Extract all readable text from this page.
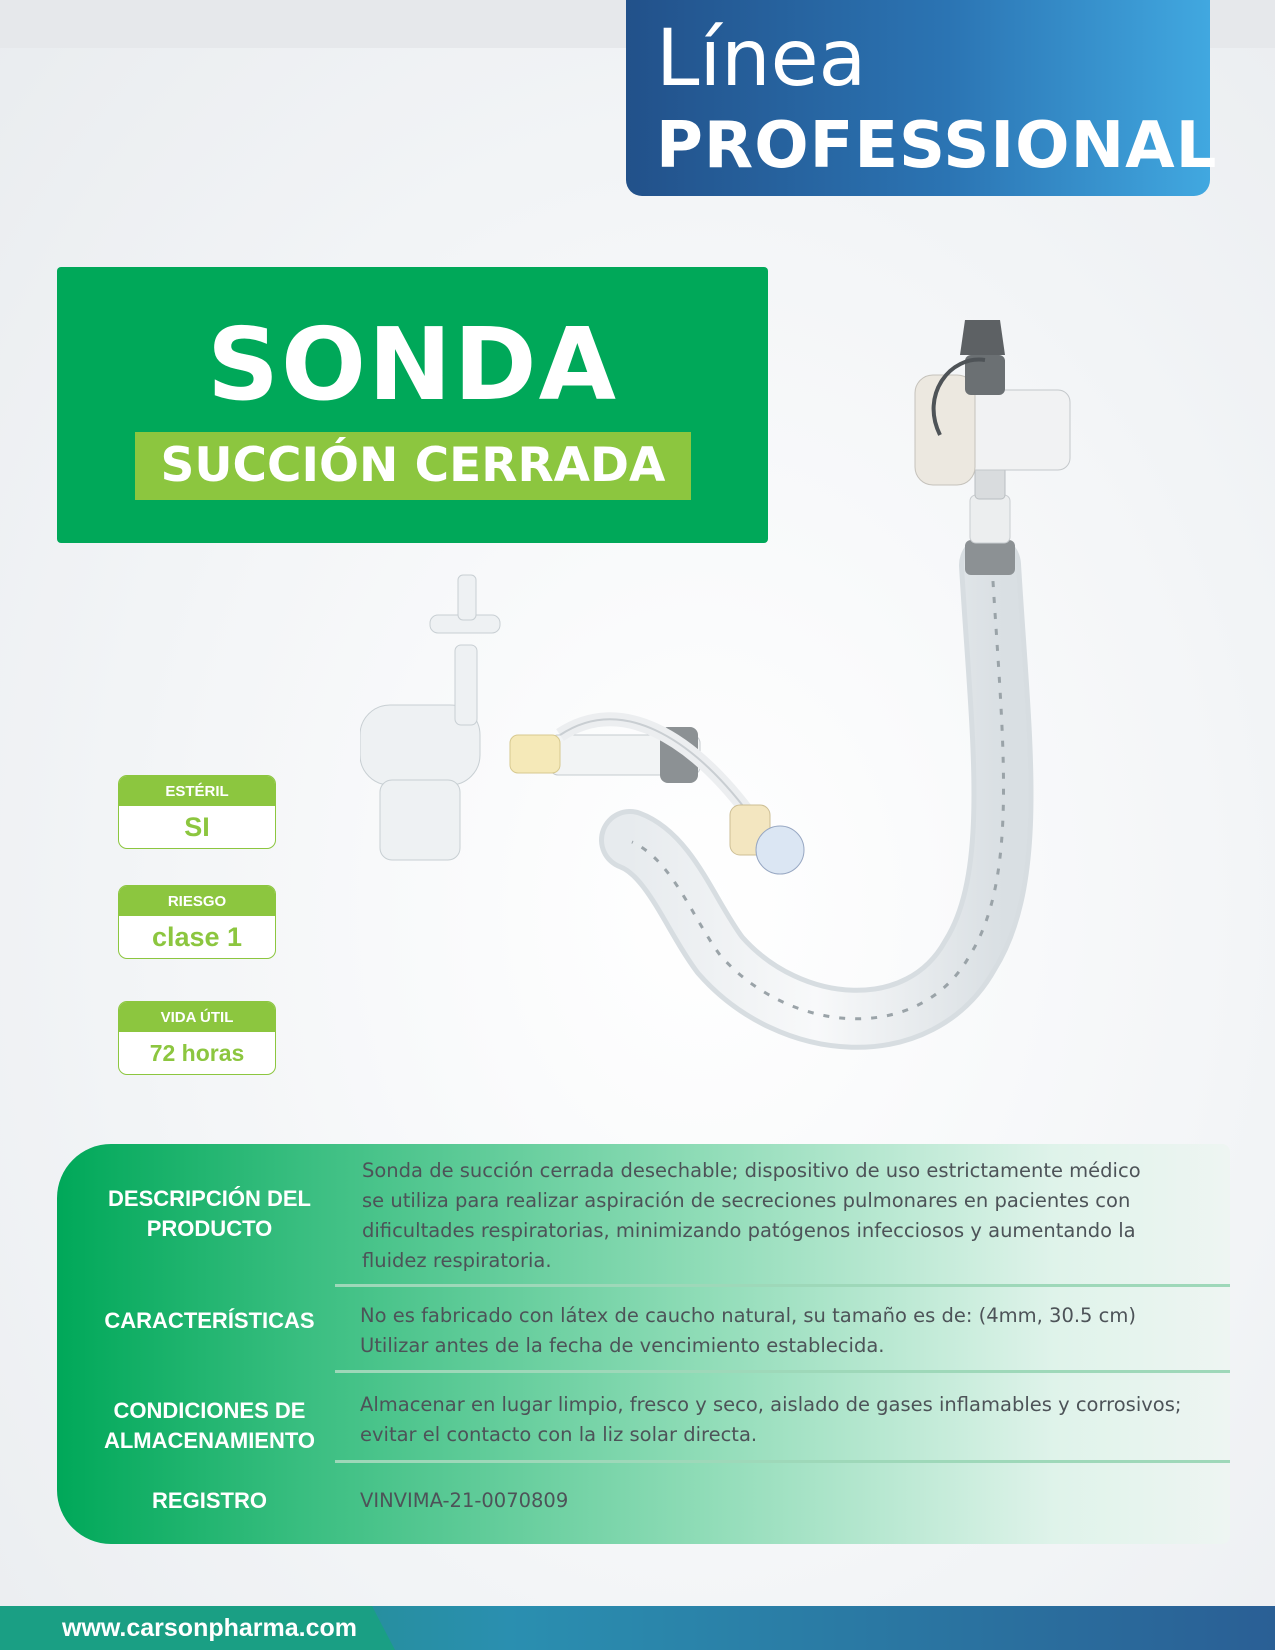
Línea
PROFESSIONAL
SONDA
SUCCIÓN CERRADA
ESTÉRIL
SI
RIESGO
clase 1
VIDA ÚTIL
72 horas
DESCRIPCIÓN DEL
PRODUCTO
Sonda de succión cerrada desechable; dispositivo de uso estrictamente médico
se utiliza para realizar aspiración de secreciones pulmonares en pacientes con
dificultades respiratorias, minimizando patógenos infecciosos y aumentando la
fluidez respiratoria.
CARACTERÍSTICAS	No es fabricado con látex de caucho natural, su tamaño es de: (4mm, 30.5 cm)
Utilizar antes de la fecha de vencimiento establecida.
CONDICIONES DE
ALMACENAMIENTO
Almacenar en lugar limpio, fresco y seco, aislado de gases inflamables y corrosivos;
evitar el contacto con la liz solar directa.
REGISTRO	VINVIMA-21-0070809
www.carsonpharma.com
